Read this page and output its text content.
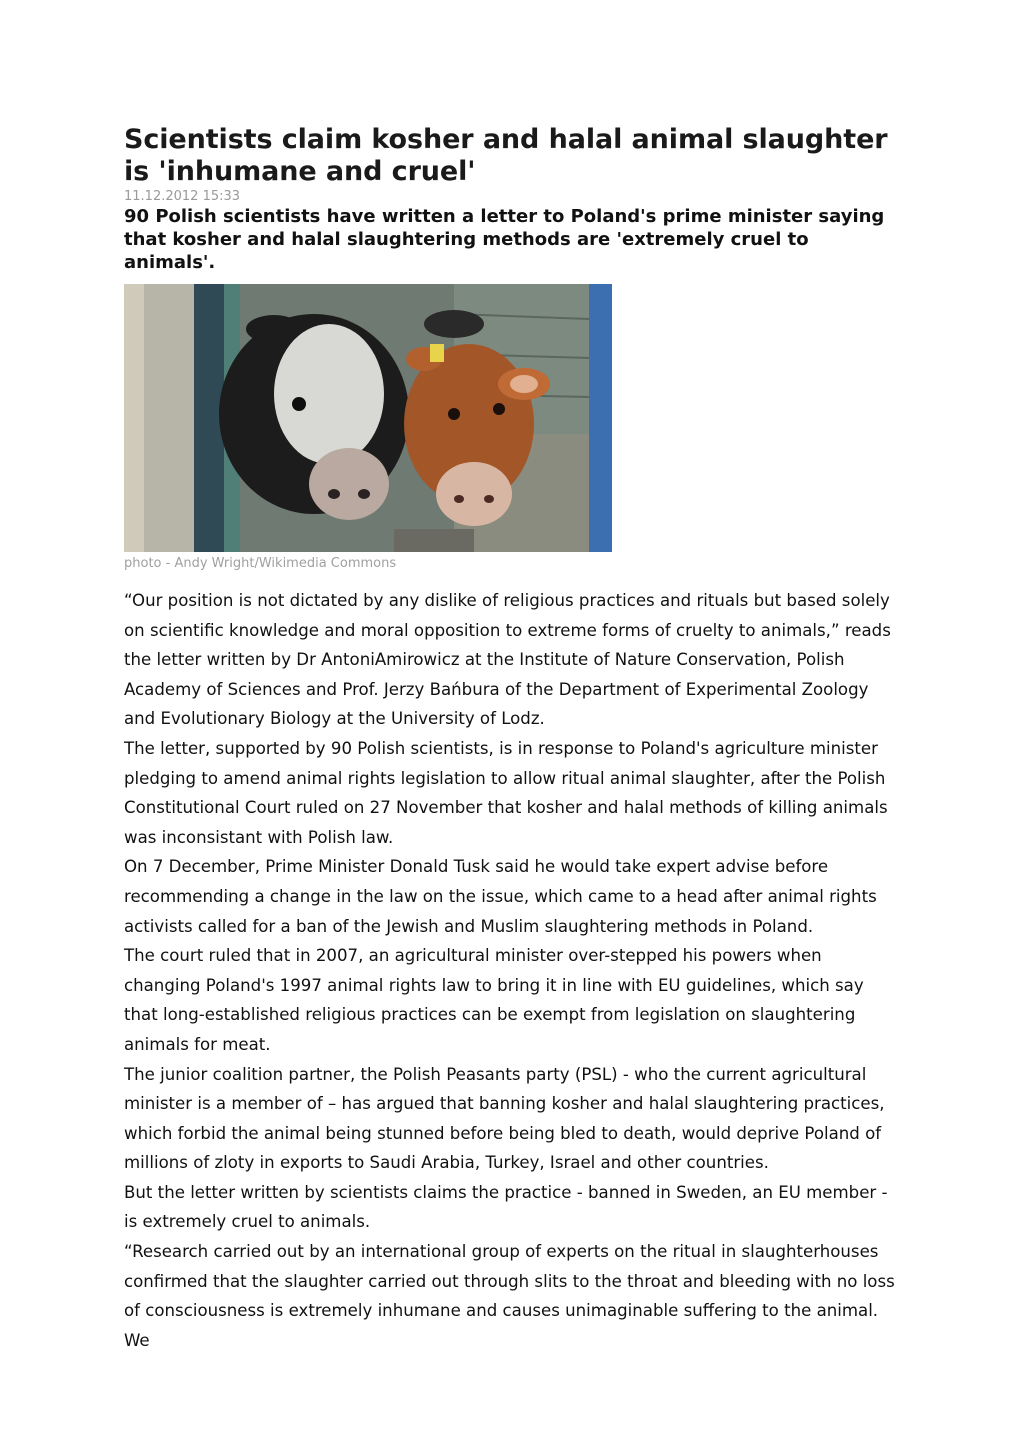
Scientists claim kosher and halal animal slaughter is 'inhumane and cruel'
11.12.2012 15:33

90 Polish scientists have written a letter to Poland's prime minister saying that kosher and halal slaughtering methods are 'extremely cruel to animals'.

photo - Andy Wright/Wikimedia Commons

“Our position is not dictated by any dislike of religious practices and rituals but based solely on scientific knowledge and moral opposition to extreme forms of cruelty to animals,” reads the letter written by Dr AntoniAmirowicz at the Institute of Nature Conservation, Polish Academy of Sciences and Prof. Jerzy Bańbura of the Department of Experimental Zoology and Evolutionary Biology at the University of Lodz.

The letter, supported by 90 Polish scientists, is in response to Poland's agriculture minister pledging to amend animal rights legislation to allow ritual animal slaughter, after the Polish Constitutional Court ruled on 27 November that kosher and halal methods of killing animals was inconsistant with Polish law.

On 7 December, Prime Minister Donald Tusk said he would take expert advise before recommending a change in the law on the issue, which came to a head after animal rights activists called for a ban of the Jewish and Muslim slaughtering methods in Poland.

The court ruled that in 2007, an agricultural minister over-stepped his powers when changing Poland's 1997 animal rights law to bring it in line with EU guidelines, which say that long-established religious practices can be exempt from legislation on slaughtering animals for meat.

The junior coalition partner, the Polish Peasants party (PSL) - who the current agricultural minister is a member of – has argued that banning kosher and halal slaughtering practices, which forbid the animal being stunned before being bled to death, would deprive Poland of millions of zloty in exports to Saudi Arabia, Turkey, Israel and other countries.

But the letter written by scientists claims the practice - banned in Sweden, an EU member - is extremely cruel to animals.

“Research carried out by an international group of experts on the ritual in slaughterhouses confirmed that the slaughter carried out through slits to the throat and bleeding with no loss of consciousness is extremely inhumane and causes unimaginable suffering to the animal. We
